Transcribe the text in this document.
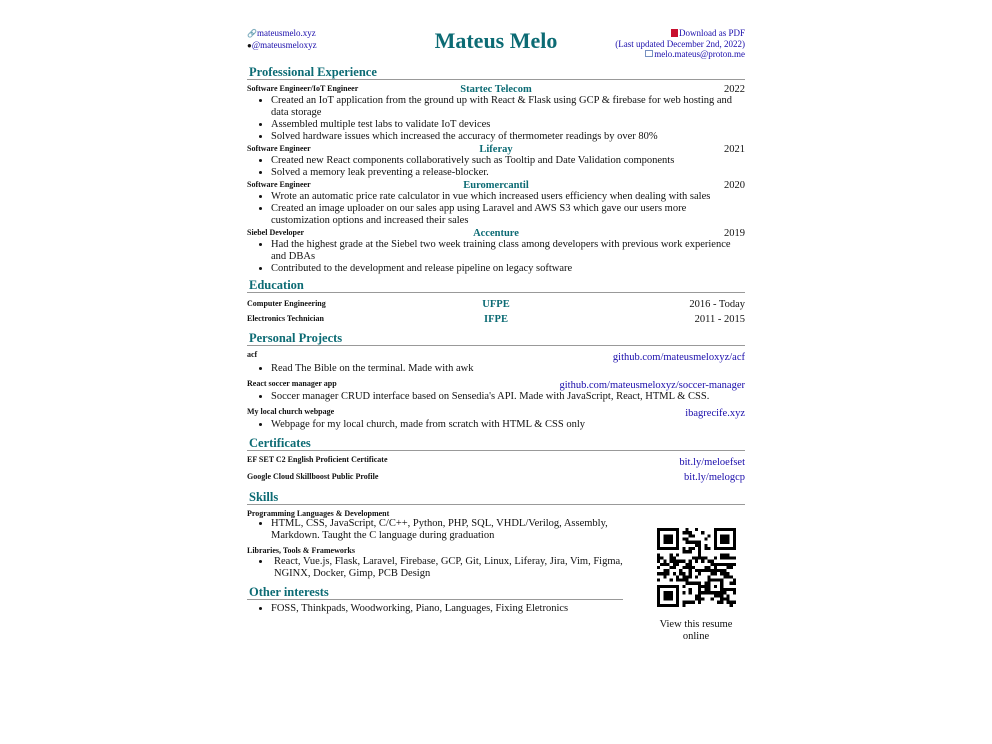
🔗mateusmelo.xyz
●@mateusmeloxyz	Mateus Melo	Download as PDF
(Last updated December 2nd, 2022)
melo.mateus@proton.me
Professional Experience
Software Engineer/IoT Engineer	Startec Telecom	2022
• Created an IoT application from the ground up with React & Flask using GCP & firebase for web hosting and data storage
• Assembled multiple test labs to validate IoT devices
• Solved hardware issues which increased the accuracy of thermometer readings by over 80%
Software Engineer	Liferay	2021
• Created new React components collaboratively such as Tooltip and Date Validation components
• Solved a memory leak preventing a release-blocker.
Software Engineer	Euromercantil	2020
• Wrote an automatic price rate calculator in vue which increased users efficiency when dealing with sales
• Created an image uploader on our sales app using Laravel and AWS S3 which gave our users more customization options and increased their sales
Siebel Developer	Accenture	2019
• Had the highest grade at the Siebel two week training class among developers with previous work experience and DBAs
• Contributed to the development and release pipeline on legacy software
Education
Computer Engineering	UFPE	2016 - Today
Electronics Technician	IFPE	2011 - 2015
Personal Projects
acf	github.com/mateusmeloxyz/acf
• Read The Bible on the terminal. Made with awk
React soccer manager app	github.com/mateusmeloxyz/soccer-manager
• Soccer manager CRUD interface based on Sensedia's API. Made with JavaScript, React, HTML & CSS.
My local church webpage	ibagrecife.xyz
• Webpage for my local church, made from scratch with HTML & CSS only
Certificates
EF SET C2 English Proficient Certificate	bit.ly/meloefset
Google Cloud Skillboost Public Profile	bit.ly/melogcp
Skills
Programming Languages & Development
• HTML, CSS, JavaScript, C/C++, Python, PHP, SQL, VHDL/Verilog, Assembly, Markdown. Taught the C language during graduation
Libraries, Tools & Frameworks
• React, Vue.js, Flask, Laravel, Firebase, GCP, Git, Linux, Liferay, Jira, Vim, Figma, NGINX, Docker, Gimp, PCB Design
Other interests
• FOSS, Thinkpads, Woodworking, Piano, Languages, Fixing Eletronics
View this resume online
